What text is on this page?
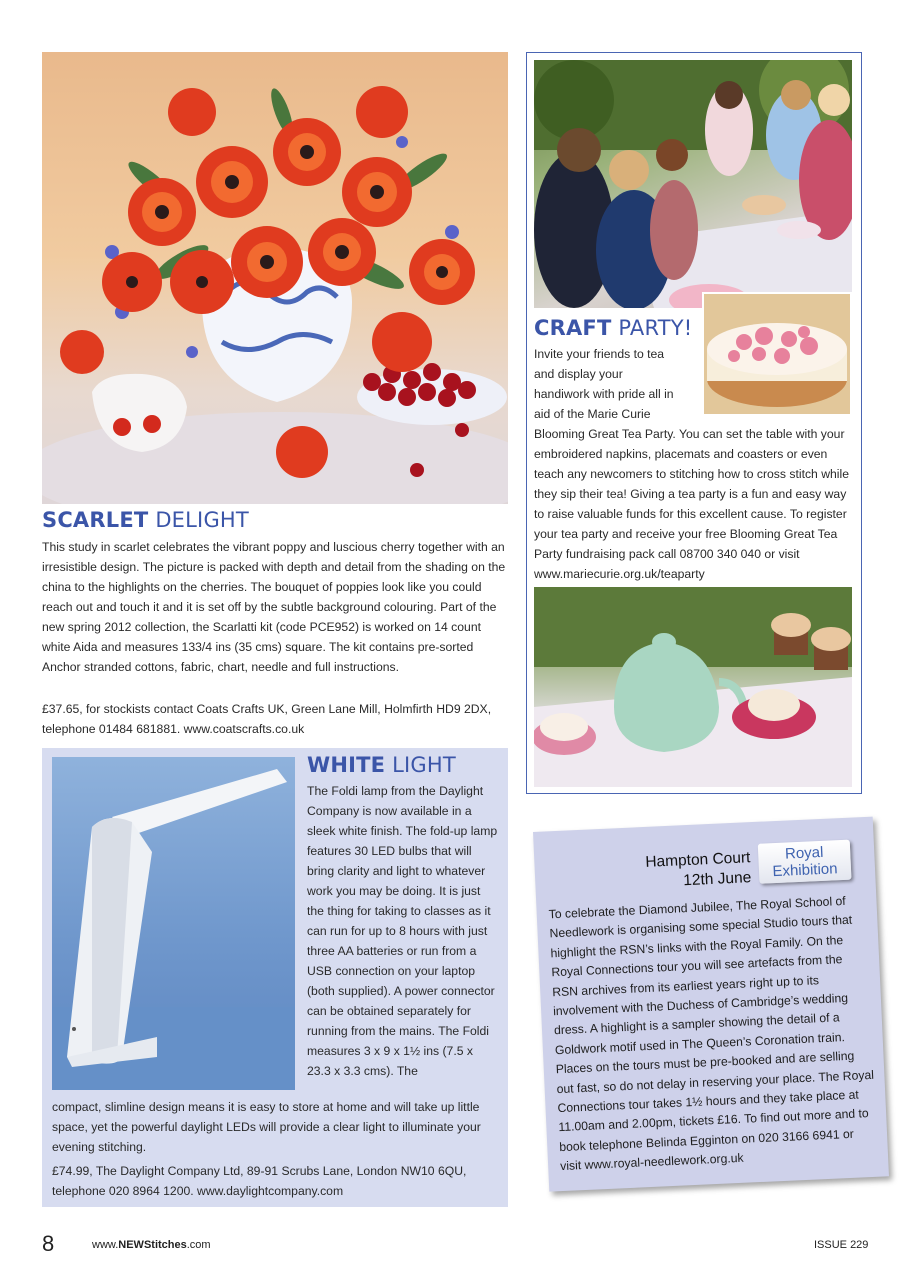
SCARLET DELIGHT
This study in scarlet celebrates the vibrant poppy and luscious cherry together with an irresistible design. The picture is packed with depth and detail from the shading on the china to the highlights on the cherries. The bouquet of poppies look like you could reach out and touch it and it is set off by the subtle background colouring. Part of the new spring 2012 collection, the Scarlatti kit (code PCE952) is worked on 14 count white Aida and measures 133/4 ins (35 cms) square. The kit contains pre-sorted Anchor stranded cottons, fabric, chart, needle and full instructions.
£37.65, for stockists contact Coats Crafts UK, Green Lane Mill, Holmfirth HD9 2DX, telephone 01484 681881. www.coatscrafts.co.uk
CRAFT PARTY!
Invite your friends to tea
and display your
handiwork with pride all in
aid of the Marie Curie
Blooming Great Tea Party. You can set the table with your embroidered napkins, placemats and coasters or even teach any newcomers to stitching how to cross stitch while they sip their tea! Giving a tea party is a fun and easy way to raise valuable funds for this excellent cause. To register your tea party and receive your free Blooming Great Tea Party fundraising pack call 08700 340 040 or visit www.mariecurie.org.uk/teaparty
WHITE LIGHT
The Foldi lamp from the Daylight Company is now available in a sleek white finish. The fold-up lamp features 30 LED bulbs that will bring clarity and light to whatever work you may be doing. It is just the thing for taking to classes as it can run for up to 8 hours with just three AA batteries or run from a USB connection on your laptop (both supplied). A power connector can be obtained separately for running from the mains. The Foldi measures 3 x 9 x 1½ ins (7.5 x 23.3 x 3.3 cms). The
compact, slimline design means it is easy to store at home and will take up little space, yet the powerful daylight LEDs will provide a clear light to illuminate your evening stitching.
£74.99, The Daylight Company Ltd, 89-91 Scrubs Lane, London NW10 6QU, telephone 020 8964 1200. www.daylightcompany.com
Hampton Court
12th June
Royal
Exhibition
To celebrate the Diamond Jubilee, The Royal School of Needlework is organising some special Studio tours that highlight the RSN’s links with the Royal Family. On the Royal Connections tour you will see artefacts from the RSN archives from its earliest years right up to its involvement with the Duchess of Cambridge’s wedding dress. A highlight is a sampler showing the detail of a Goldwork motif used in The Queen’s Coronation train. Places on the tours must be pre-booked and are selling out fast, so do not delay in reserving your place. The Royal Connections tour takes 1½ hours and they take place at 11.00am and 2.00pm, tickets £16. To find out more and to book telephone Belinda Egginton on 020 3166 6941 or visit www.royal-needlework.org.uk
8	www.NEWStitches.com	ISSUE 229
